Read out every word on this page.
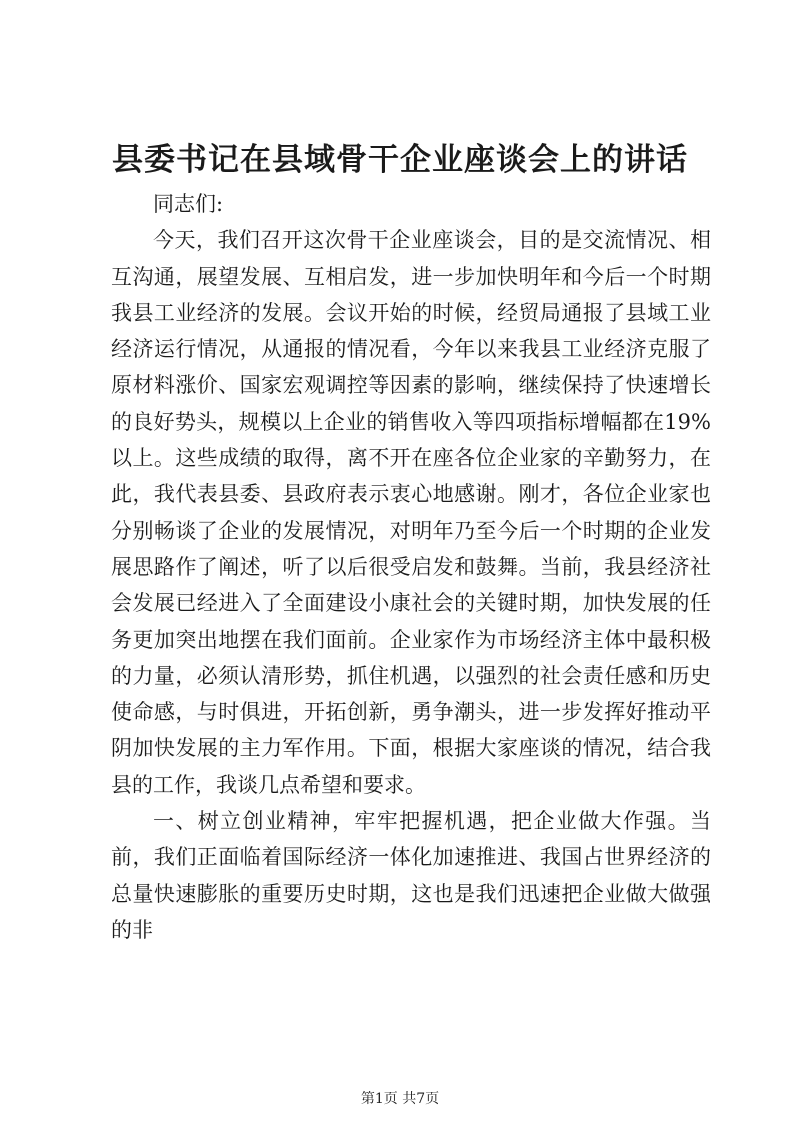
县委书记在县域骨干企业座谈会上的讲话

同志们:

今天，我们召开这次骨干企业座谈会，目的是交流情况、相互沟通，展望发展、互相启发，进一步加快明年和今后一个时期我县工业经济的发展。会议开始的时候，经贸局通报了县域工业经济运行情况，从通报的情况看，今年以来我县工业经济克服了原材料涨价、国家宏观调控等因素的影响，继续保持了快速增长的良好势头，规模以上企业的销售收入等四项指标增幅都在19%以上。这些成绩的取得，离不开在座各位企业家的辛勤努力，在此，我代表县委、县政府表示衷心地感谢。刚才，各位企业家也分别畅谈了企业的发展情况，对明年乃至今后一个时期的企业发展思路作了阐述，听了以后很受启发和鼓舞。当前，我县经济社会发展已经进入了全面建设小康社会的关键时期，加快发展的任务更加突出地摆在我们面前。企业家作为市场经济主体中最积极的力量，必须认清形势，抓住机遇，以强烈的社会责任感和历史使命感，与时俱进，开拓创新，勇争潮头，进一步发挥好推动平阴加快发展的主力军作用。下面，根据大家座谈的情况，结合我县的工作，我谈几点希望和要求。

一、树立创业精神，牢牢把握机遇，把企业做大作强。当前，我们正面临着国际经济一体化加速推进、我国占世界经济的总量快速膨胀的重要历史时期，这也是我们迅速把企业做大做强的非

第1页 共7页
